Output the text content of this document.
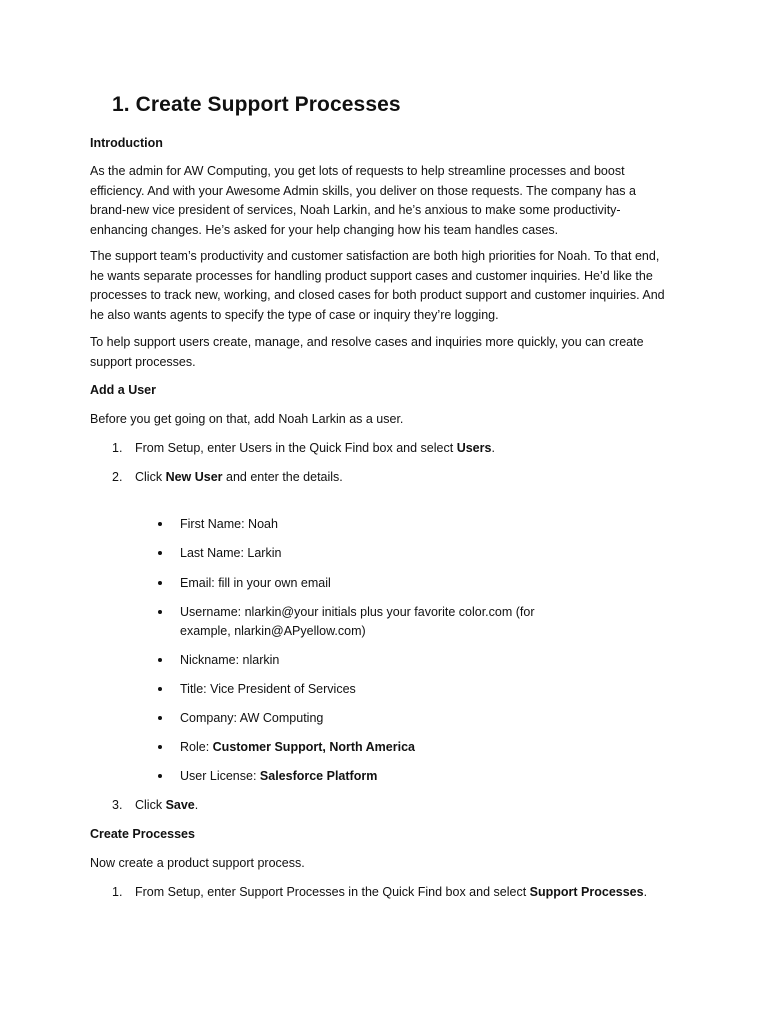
1. Create Support Processes
Introduction
As the admin for AW Computing, you get lots of requests to help streamline processes and boost
efficiency. And with your Awesome Admin skills, you deliver on those requests. The company has a
brand-new vice president of services, Noah Larkin, and he’s anxious to make some productivity-
enhancing changes. He’s asked for your help changing how his team handles cases.
The support team’s productivity and customer satisfaction are both high priorities for Noah. To that end,
he wants separate processes for handling product support cases and customer inquiries. He’d like the
processes to track new, working, and closed cases for both product support and customer inquiries. And
he also wants agents to specify the type of case or inquiry they’re logging.
To help support users create, manage, and resolve cases and inquiries more quickly, you can create
support processes.
Add a User
Before you get going on that, add Noah Larkin as a user.
1. From Setup, enter Users in the Quick Find box and select Users.
2. Click New User and enter the details.
First Name: Noah
Last Name: Larkin
Email: fill in your own email
Username: nlarkin@your initials plus your favorite color.com (for
example, nlarkin@APyellow.com)
Nickname: nlarkin
Title: Vice President of Services
Company: AW Computing
Role: Customer Support, North America
User License: Salesforce Platform
3. Click Save.
Create Processes
Now create a product support process.
1. From Setup, enter Support Processes in the Quick Find box and select Support Processes.
